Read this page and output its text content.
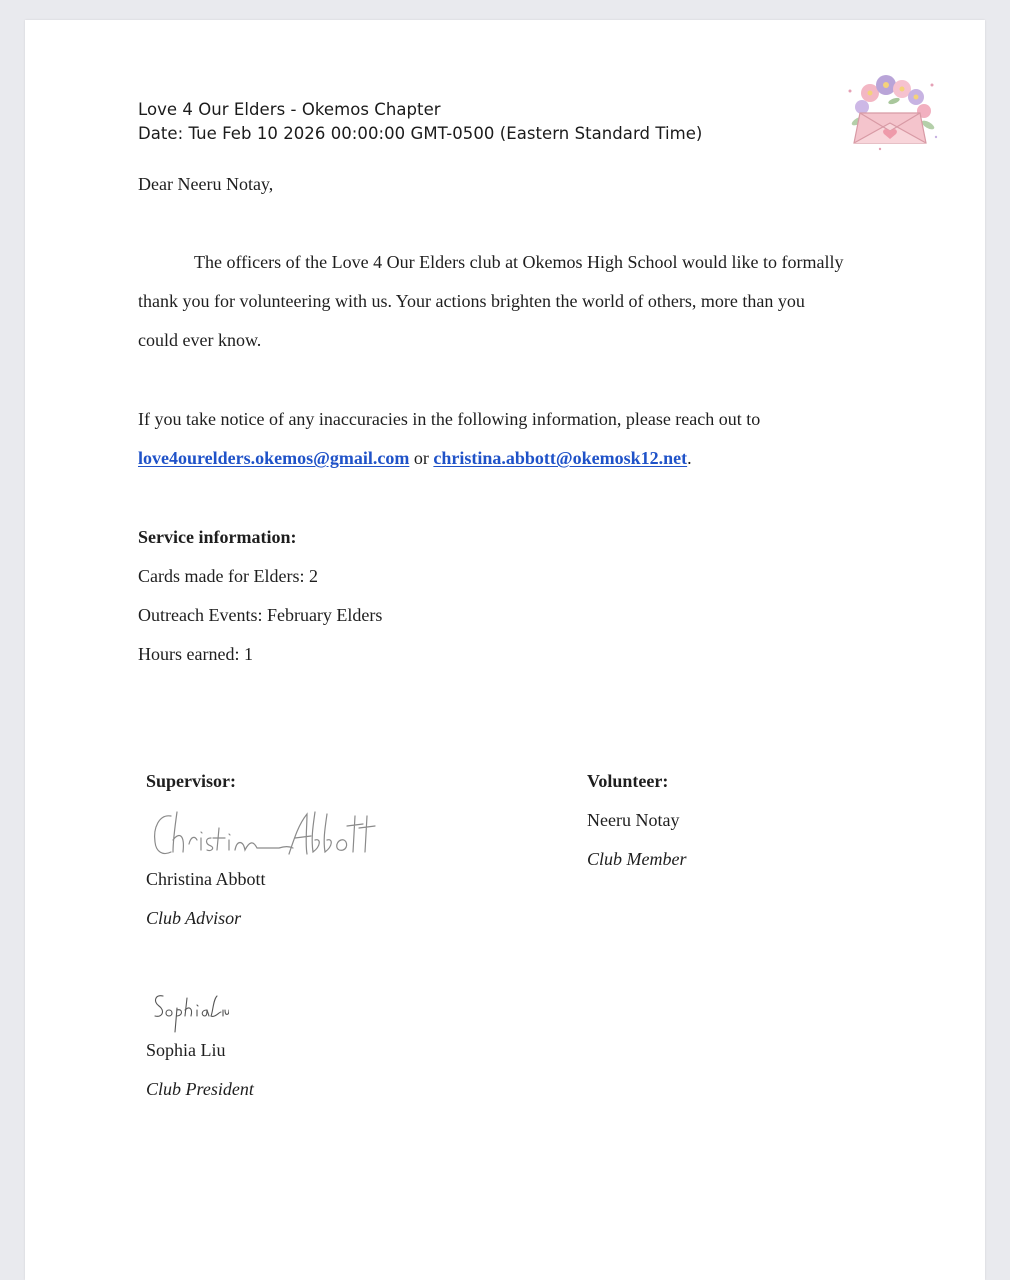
Love 4 Our Elders - Okemos Chapter
Date: Tue Feb 10 2026 00:00:00 GMT-0500 (Eastern Standard Time)
Dear Neeru Notay,
The officers of the Love 4 Our Elders club at Okemos High School would like to formally
thank you for volunteering with us. Your actions brighten the world of others, more than you
could ever know.
If you take notice of any inaccuracies in the following information, please reach out to
love4ourelders.okemos@gmail.com or christina.abbott@okemosk12.net.
Service information:
Cards made for Elders: 2
Outreach Events: February Elders
Hours earned: 1
Supervisor:
Christina Abbott
Club Advisor
Volunteer:
Neeru Notay
Club Member
Sophia Liu
Club President
